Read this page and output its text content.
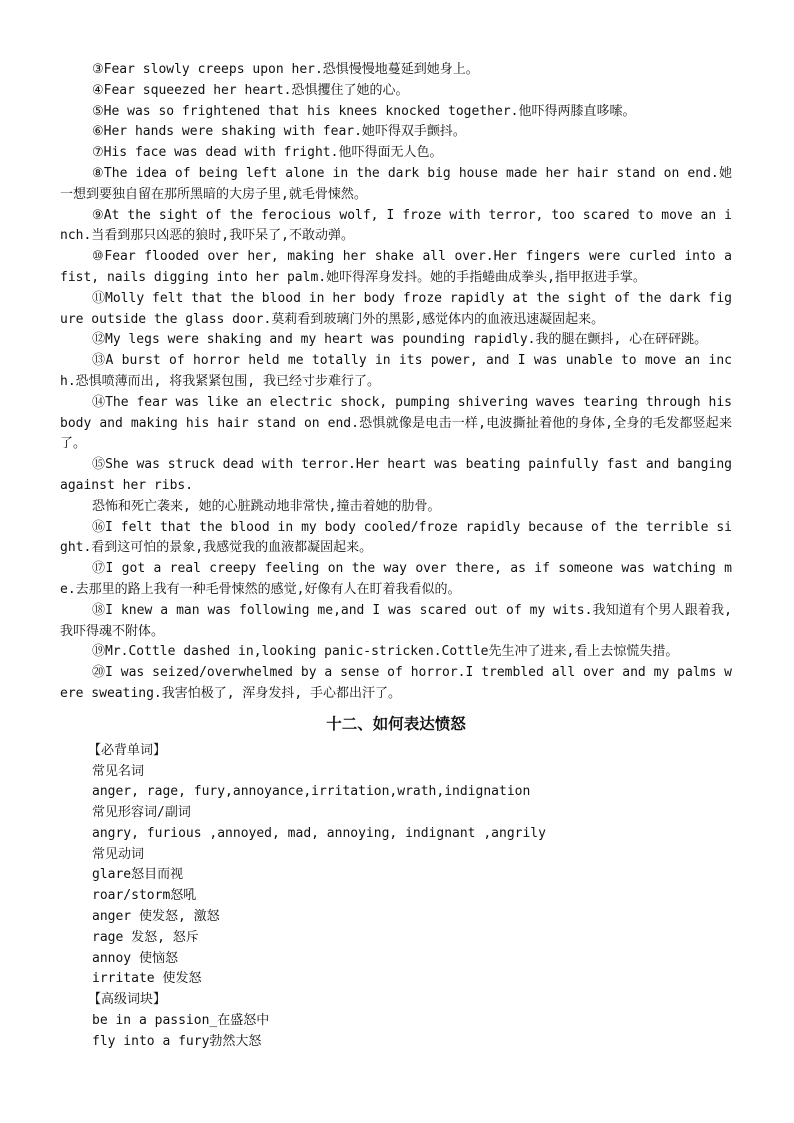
③Fear slowly creeps upon her.恐惧慢慢地蔓延到她身上。

④Fear squeezed her heart.恐惧攫住了她的心。

⑤He was so frightened that his knees knocked together.他吓得两膝直哆嗦。

⑥Her hands were shaking with fear.她吓得双手颤抖。

⑦His face was dead with fright.他吓得面无人色。

⑧The idea of being left alone in the dark big house made her hair stand on end.她一想到要独自留在那所黑暗的大房子里,就毛骨悚然。

⑨At the sight of the ferocious wolf, I froze with terror, too scared to move an inch.当看到那只凶恶的狼时,我吓呆了,不敢动弹。

⑩Fear flooded over her, making her shake all over.Her fingers were curled into a fist, nails digging into her palm.她吓得浑身发抖。她的手指蜷曲成拳头,指甲抠进手掌。

⑪Molly felt that the blood in her body froze rapidly at the sight of the dark figure outside the glass door.莫莉看到玻璃门外的黑影,感觉体内的血液迅速凝固起来。

⑫My legs were shaking and my heart was pounding rapidly.我的腿在颤抖, 心在砰砰跳。

⑬A burst of horror held me totally in its power, and I was unable to move an inch.恐惧喷薄而出, 将我紧紧包围, 我已经寸步难行了。

⑭The fear was like an electric shock, pumping shivering waves tearing through his body and making his hair stand on end.恐惧就像是电击一样,电波撕扯着他的身体,全身的毛发都竖起来了。

⑮She was struck dead with terror.Her heart was beating painfully fast and banging against her ribs.

恐怖和死亡袭来, 她的心脏跳动地非常快,撞击着她的肋骨。

⑯I felt that the blood in my body cooled/froze rapidly because of the terrible sight.看到这可怕的景象,我感觉我的血液都凝固起来。

⑰I got a real creepy feeling on the way over there, as if someone was watching me.去那里的路上我有一种毛骨悚然的感觉,好像有人在盯着我看似的。

⑱I knew a man was following me,and I was scared out of my wits.我知道有个男人跟着我,我吓得魂不附体。

⑲Mr.Cottle dashed in,looking panic-stricken.Cottle先生冲了进来,看上去惊慌失措。

⑳I was seized/overwhelmed by a sense of horror.I trembled all over and my palms were sweating.我害怕极了, 浑身发抖, 手心都出汗了。

十二、如何表达愤怒

【必背单词】

常见名词

anger, rage, fury,annoyance,irritation,wrath,indignation

常见形容词/副词

angry, furious ,annoyed, mad, annoying, indignant ,angrily

常见动词

glare怒目而视

roar/storm怒吼

anger 使发怒, 激怒

rage 发怒, 怒斥

annoy 使恼怒

irritate 使发怒

【高级词块】

be in a passion_在盛怒中

fly into a fury勃然大怒
